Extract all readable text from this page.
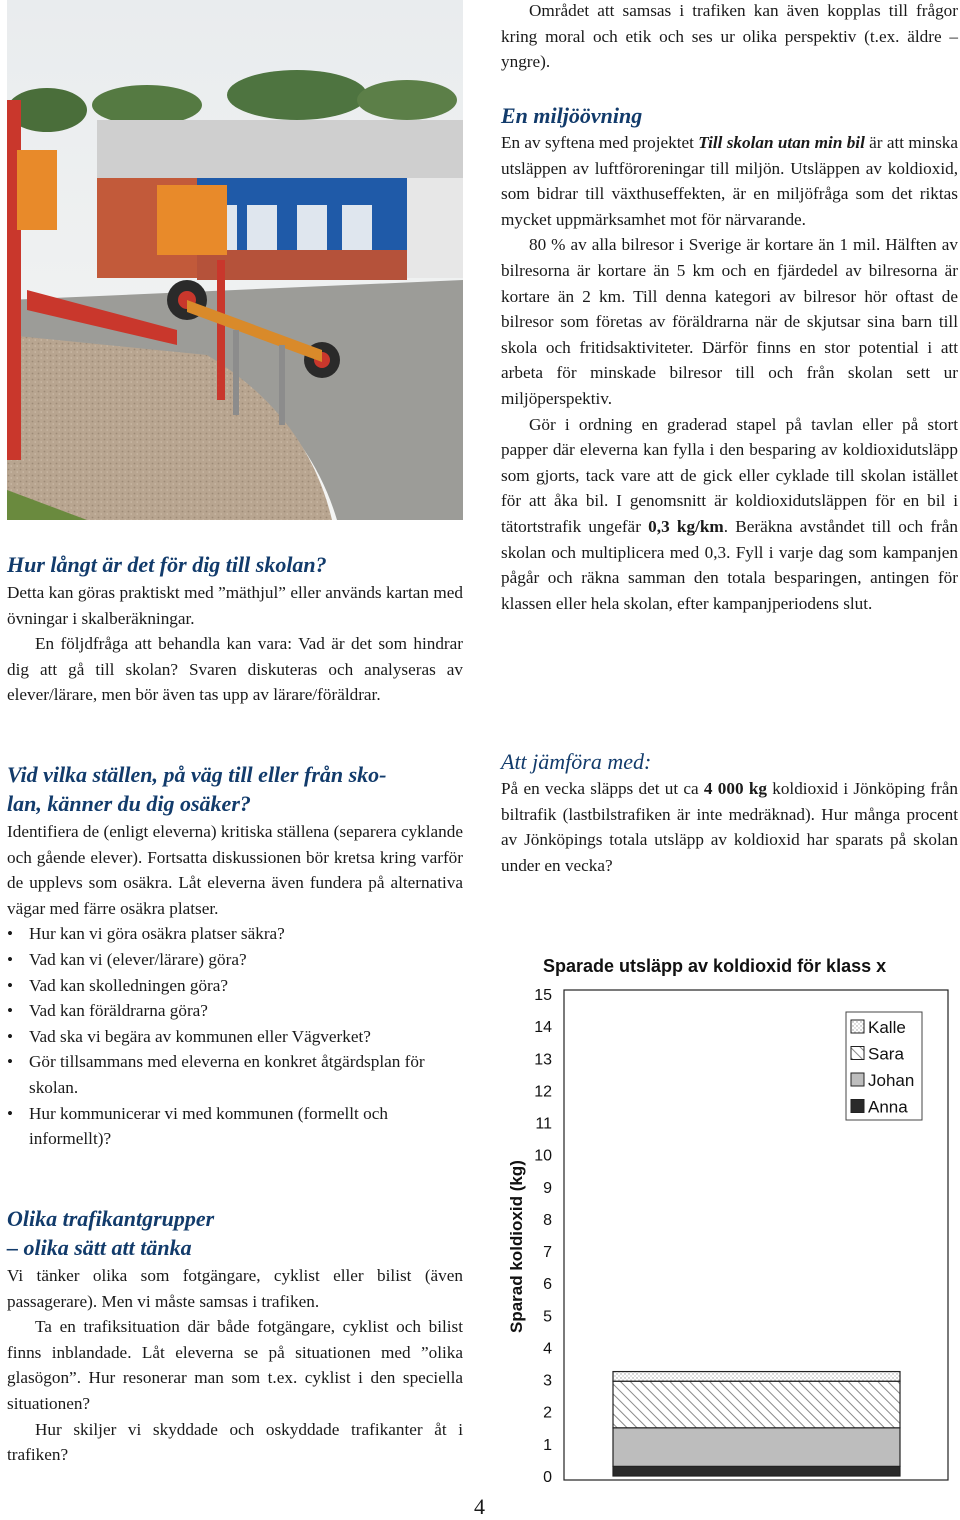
Hur långt är det för dig till skolan?

Detta kan göras praktiskt med ”mäthjul” eller används kartan med övningar i skalberäkningar.

En följdfråga att behandla kan vara: Vad är det som hindrar dig att gå till skolan? Svaren diskuteras och analyseras av elever/lärare, men bör även tas upp av lärare/föräldrar.

Vid vilka ställen, på väg till eller från sko-
lan, känner du dig osäker?

Identifiera de (enligt eleverna) kritiska ställena (separera cyklande och gående elever). Fortsatta diskussionen bör kretsa kring varför de upplevs som osäkra. Låt eleverna även fundera på alternativa vägar med färre osäkra platser.

• Hur kan vi göra osäkra platser säkra?
• Vad kan vi (elever/lärare) göra?
• Vad kan skolledningen göra?
• Vad kan föräldrarna göra?
• Vad ska vi begära av kommunen eller Vägverket?
• Gör tillsammans med eleverna en konkret åtgärdsplan för skolan.
• Hur kommunicerar vi med kommunen (formellt och informellt)?
Olika trafikantgrupper
– olika sätt att tänka

Vi tänker olika som fotgängare, cyklist eller bilist (även passagerare). Men vi måste samsas i trafiken.

Ta en trafiksituation där både fotgängare, cyklist och bilist finns inblandade. Låt eleverna se på situationen med ”olika glasögon”. Hur resonerar man som t.ex. cyklist i den speciella situationen?

Hur skiljer vi skyddade och oskyddade trafikanter åt i trafiken?

Området att samsas i trafiken kan även kopplas till frågor kring moral och etik och ses ur olika perspektiv (t.ex. äldre – yngre).

En miljöövning

En av syftena med projektet Till skolan utan min bil är att minska utsläppen av luftföroreningar till miljön. Utsläppen av koldioxid, som bidrar till växthuseffekten, är en miljöfråga som det riktas mycket uppmärksamhet mot för närvarande.

80 % av alla bilresor i Sverige är kortare än 1 mil. Hälften av bilresorna är kortare än 5 km och en fjärdedel av bilresorna är kortare än 2 km. Till denna kategori av bilresor hör oftast de bilresor som företas av föräldrarna när de skjutsar sina barn till skola och fritidsaktiviteter. Därför finns en stor potential i att arbeta för minskade bilresor till och från skolan sett ur miljöperspektiv.

Gör i ordning en graderad stapel på tavlan eller på stort papper där eleverna kan fylla i den besparing av koldioxidutsläpp som gjorts, tack vare att de gick eller cyklade till skolan istället för att åka bil. I genomsnitt är koldioxidutsläppen för en bil i tätortstrafik ungefär 0,3 kg/km. Beräkna avståndet till och från skolan och multiplicera med 0,3. Fyll i varje dag som kampanjen pågår och räkna samman den totala besparingen, antingen för klassen eller hela skolan, efter kampanjperiodens slut.

Att jämföra med:

På en vecka släpps det ut ca 4 000 kg koldioxid i Jönköping från biltrafik (lastbilstrafiken är inte medräknad). Hur många procent av Jönköpings totala utsläpp av koldioxid har sparats på skolan under en vecka?

Sparade utsläpp av koldioxid för klass x
Sparad koldioxid (kg)
0
1
2
3
4
5
6
7
8
9
10
11
12
13
14
15
Kalle
Sara
Johan
Anna
4
